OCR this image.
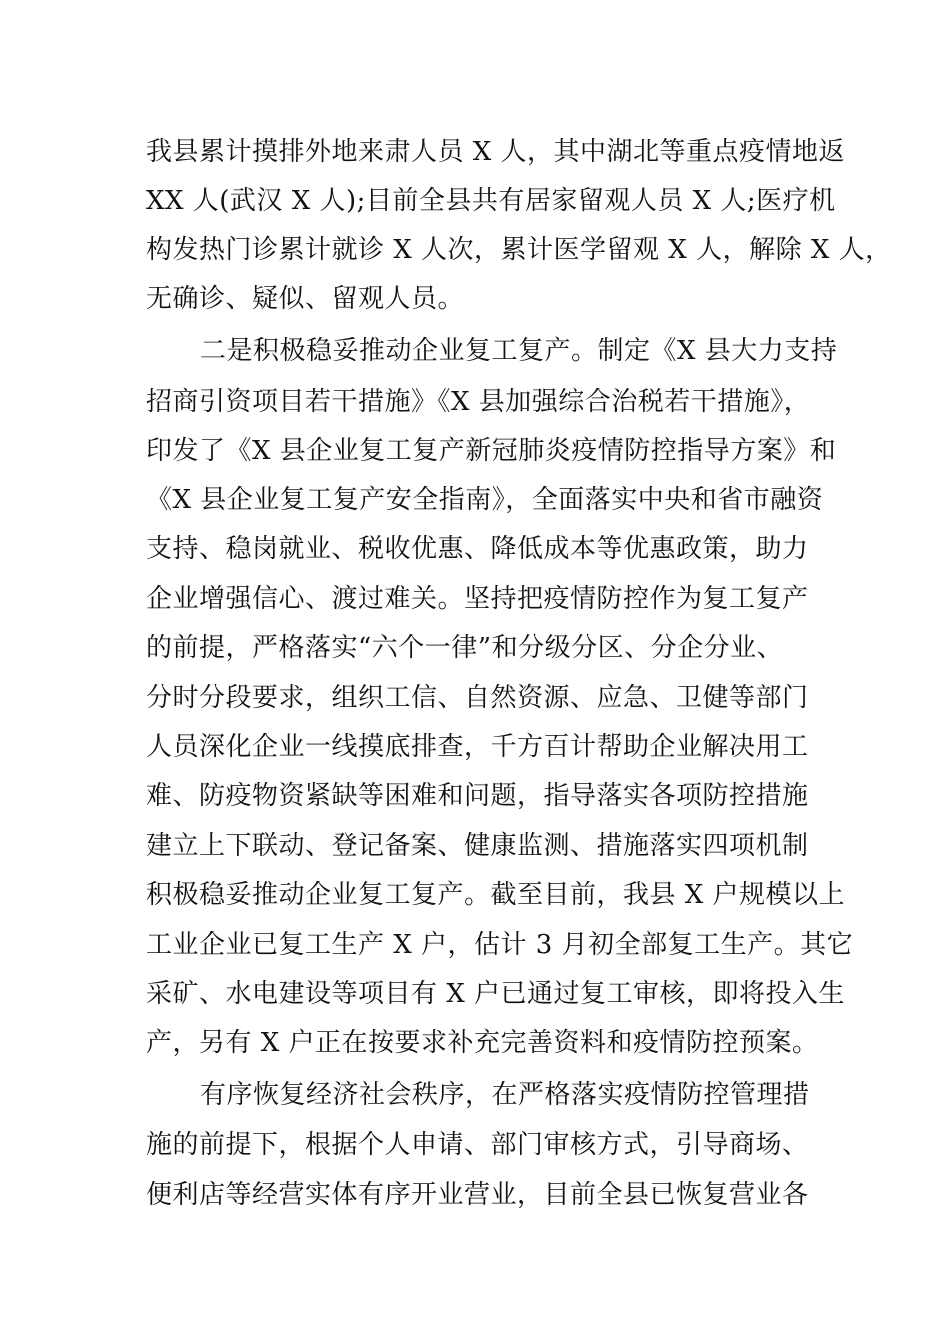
我县累计摸排外地来肃人员 X 人，其中湖北等重点疫情地返
XX 人(武汉 X 人);目前全县共有居家留观人员 X 人;医疗机
构发热门诊累计就诊 X 人次，累计医学留观 X 人，解除 X 人，
无确诊、疑似、留观人员。
二是积极稳妥推动企业复工复产。制定《X 县大力支持
招商引资项目若干措施》《X 县加强综合治税若干措施》，
印发了《X 县企业复工复产新冠肺炎疫情防控指导方案》和
《X 县企业复工复产安全指南》，全面落实中央和省市融资
支持、稳岗就业、税收优惠、降低成本等优惠政策，助力
企业增强信心、渡过难关。坚持把疫情防控作为复工复产
的前提，严格落实“六个一律”和分级分区、分企分业、
分时分段要求，组织工信、自然资源、应急、卫健等部门
人员深化企业一线摸底排查，千方百计帮助企业解决用工
难、防疫物资紧缺等困难和问题，指导落实各项防控措施
建立上下联动、登记备案、健康监测、措施落实四项机制
积极稳妥推动企业复工复产。截至目前，我县 X 户规模以上
工业企业已复工生产 X 户，估计 3 月初全部复工生产。其它
采矿、水电建设等项目有 X 户已通过复工审核，即将投入生
产，另有 X 户正在按要求补充完善资料和疫情防控预案。
有序恢复经济社会秩序，在严格落实疫情防控管理措
施的前提下，根据个人申请、部门审核方式，引导商场、
便利店等经营实体有序开业营业，目前全县已恢复营业各
